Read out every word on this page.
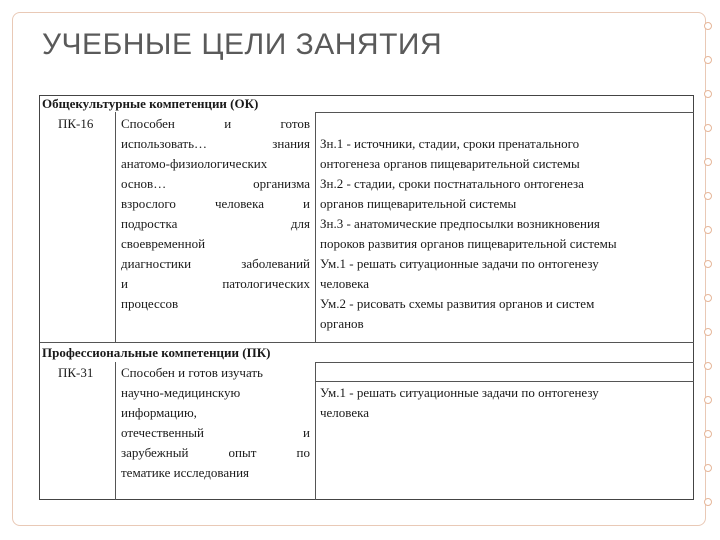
УЧЕБНЫЕ ЦЕЛИ ЗАНЯТИЯ
Общекультурные компетенции (ОК)
ПК-16 Способен и готов
использовать… знания
анатомо-физиологических
основ… организма
взрослого человека и
подростка для
своевременной
диагностики заболеваний
и патологических
процессов
Зн.1 - источники, стадии, сроки пренатального
онтогенеза органов пищеварительной системы
Зн.2 - стадии, сроки постнатального онтогенеза
органов пищеварительной системы
Зн.3 - анатомические предпосылки возникновения
пороков развития органов пищеварительной системы
Ум.1 - решать ситуационные задачи по онтогенезу
человека
Ум.2 - рисовать схемы развития органов и систем
органов
Профессиональные компетенции (ПК)
ПК-31 Способен и готов изучать
научно-медицинскую
информацию,
отечественный и
зарубежный опыт по
тематике исследования
Ум.1 - решать ситуационные задачи по онтогенезу
человека
